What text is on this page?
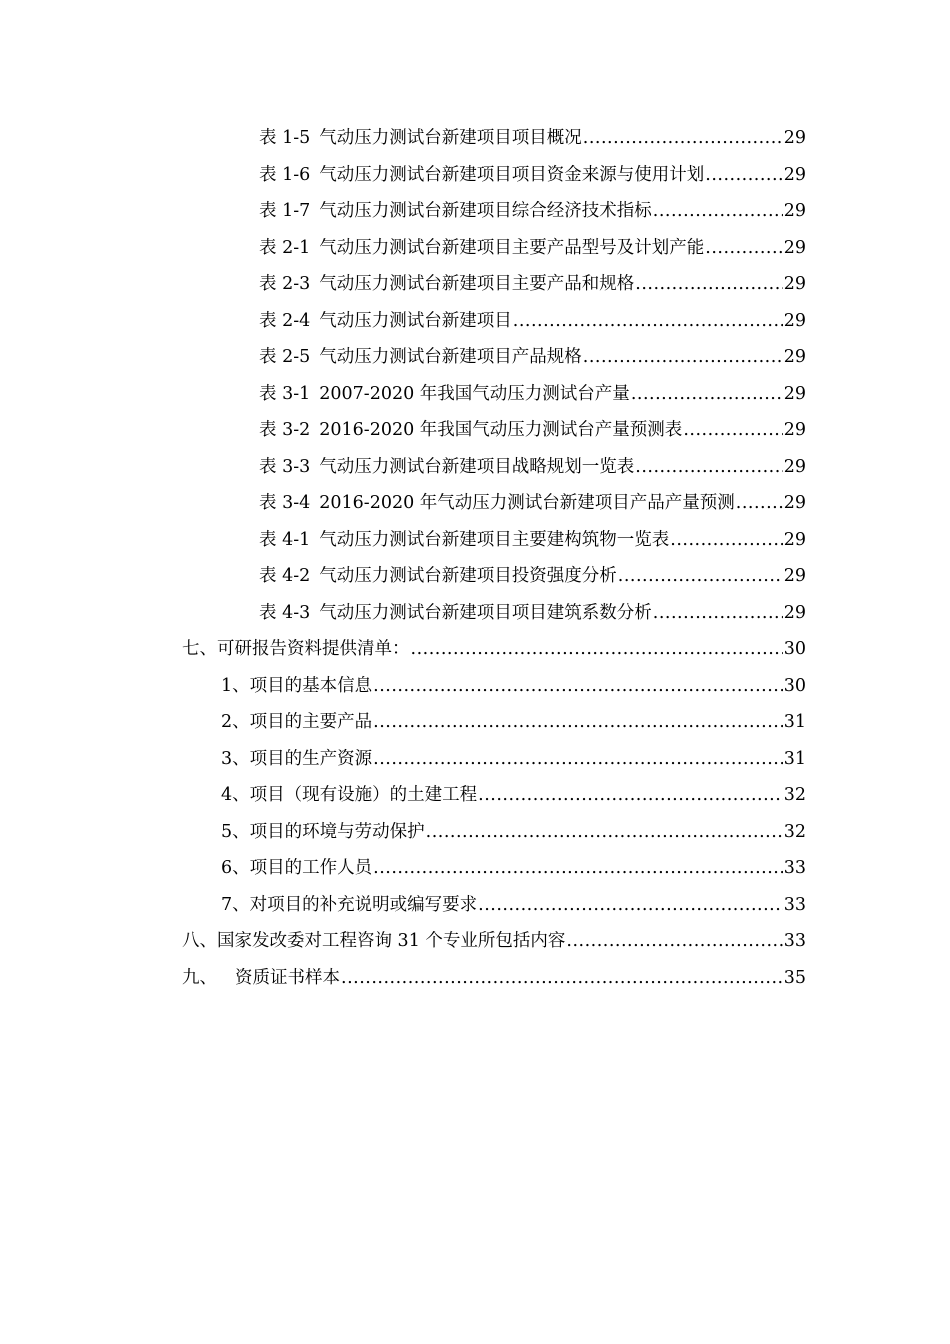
表 1-5 气动压力测试台新建项目项目概况 .....	29
表 1-6 气动压力测试台新建项目项目资金来源与使用计划 .....	29
表 1-7 气动压力测试台新建项目综合经济技术指标 .....	29
表 2-1 气动压力测试台新建项目主要产品型号及计划产能 .....	29
表 2-3 气动压力测试台新建项目主要产品和规格 .....	29
表 2-4 气动压力测试台新建项目 .....	29
表 2-5 气动压力测试台新建项目产品规格 .....	29
表 3-1 2007-2020 年我国气动压力测试台产量 .....	29
表 3-2 2016-2020 年我国气动压力测试台产量预测表 .....	29
表 3-3 气动压力测试台新建项目战略规划一览表 .....	29
表 3-4 2016-2020 年气动压力测试台新建项目产品产量预测 .....	29
表 4-1 气动压力测试台新建项目主要建构筑物一览表 .....	29
表 4-2 气动压力测试台新建项目投资强度分析 .....	29
表 4-3 气动压力测试台新建项目项目建筑系数分析 .....	29
七、可研报告资料提供清单： .....	30
1、项目的基本信息 .....	30
2、项目的主要产品 .....	31
3、项目的生产资源 .....	31
4、项目（现有设施）的土建工程 .....	32
5、项目的环境与劳动保护 .....	32
6、项目的工作人员 .....	33
7、对项目的补充说明或编写要求 .....	33
八、国家发改委对工程咨询 31 个专业所包括内容 .....	33
九、 资质证书样本 .....	35
